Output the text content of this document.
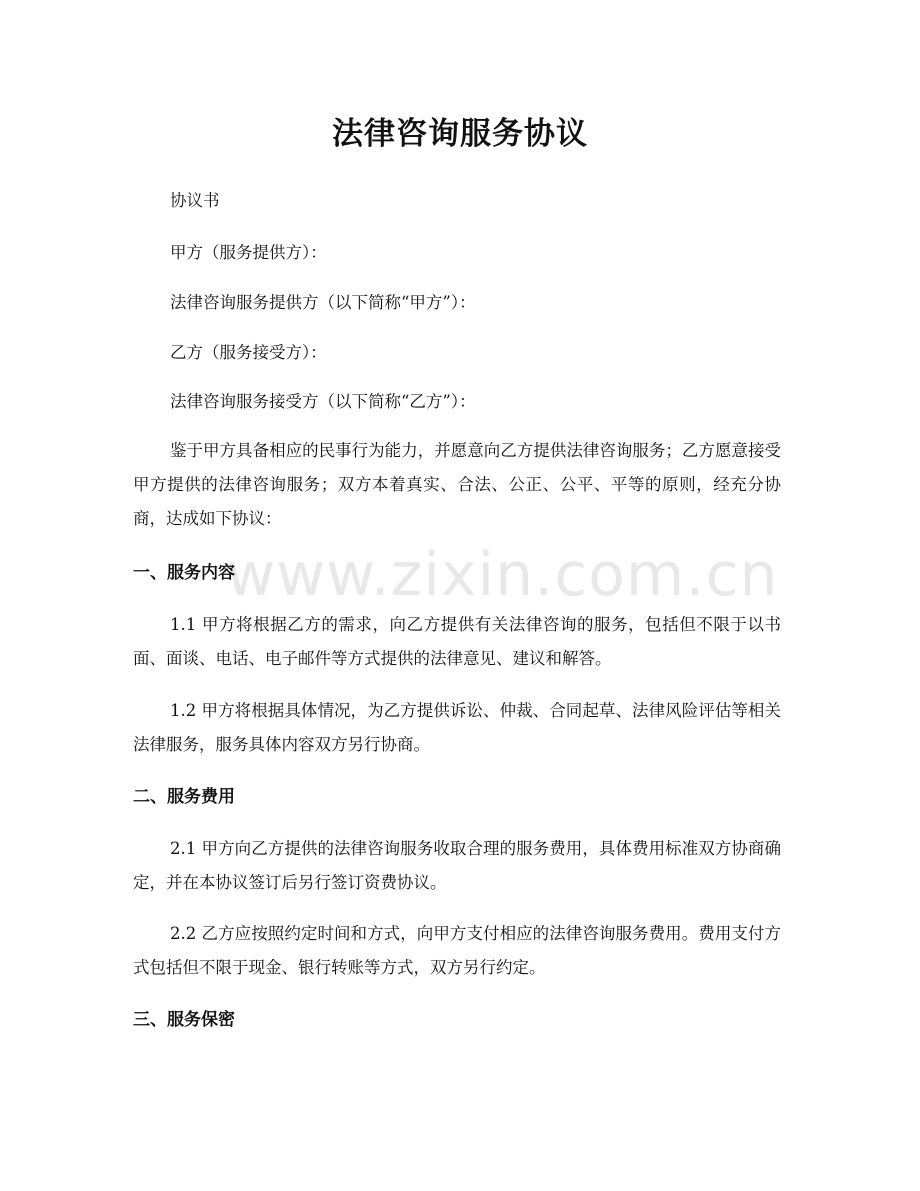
法律咨询服务协议

协议书

甲方（服务提供方）：

法律咨询服务提供方（以下简称“甲方”）：

乙方（服务接受方）：

法律咨询服务接受方（以下简称“乙方”）：

鉴于甲方具备相应的民事行为能力，并愿意向乙方提供法律咨询服务；乙方愿意接受甲方提供的法律咨询服务；双方本着真实、合法、公正、公平、平等的原则，经充分协商，达成如下协议：

一、服务内容

1.1 甲方将根据乙方的需求，向乙方提供有关法律咨询的服务，包括但不限于以书面、面谈、电话、电子邮件等方式提供的法律意见、建议和解答。

1.2 甲方将根据具体情况，为乙方提供诉讼、仲裁、合同起草、法律风险评估等相关法律服务，服务具体内容双方另行协商。

二、服务费用

2.1 甲方向乙方提供的法律咨询服务收取合理的服务费用，具体费用标准双方协商确定，并在本协议签订后另行签订资费协议。

2.2 乙方应按照约定时间和方式，向甲方支付相应的法律咨询服务费用。费用支付方式包括但不限于现金、银行转账等方式，双方另行约定。

三、服务保密
www.zixin.com.cn
